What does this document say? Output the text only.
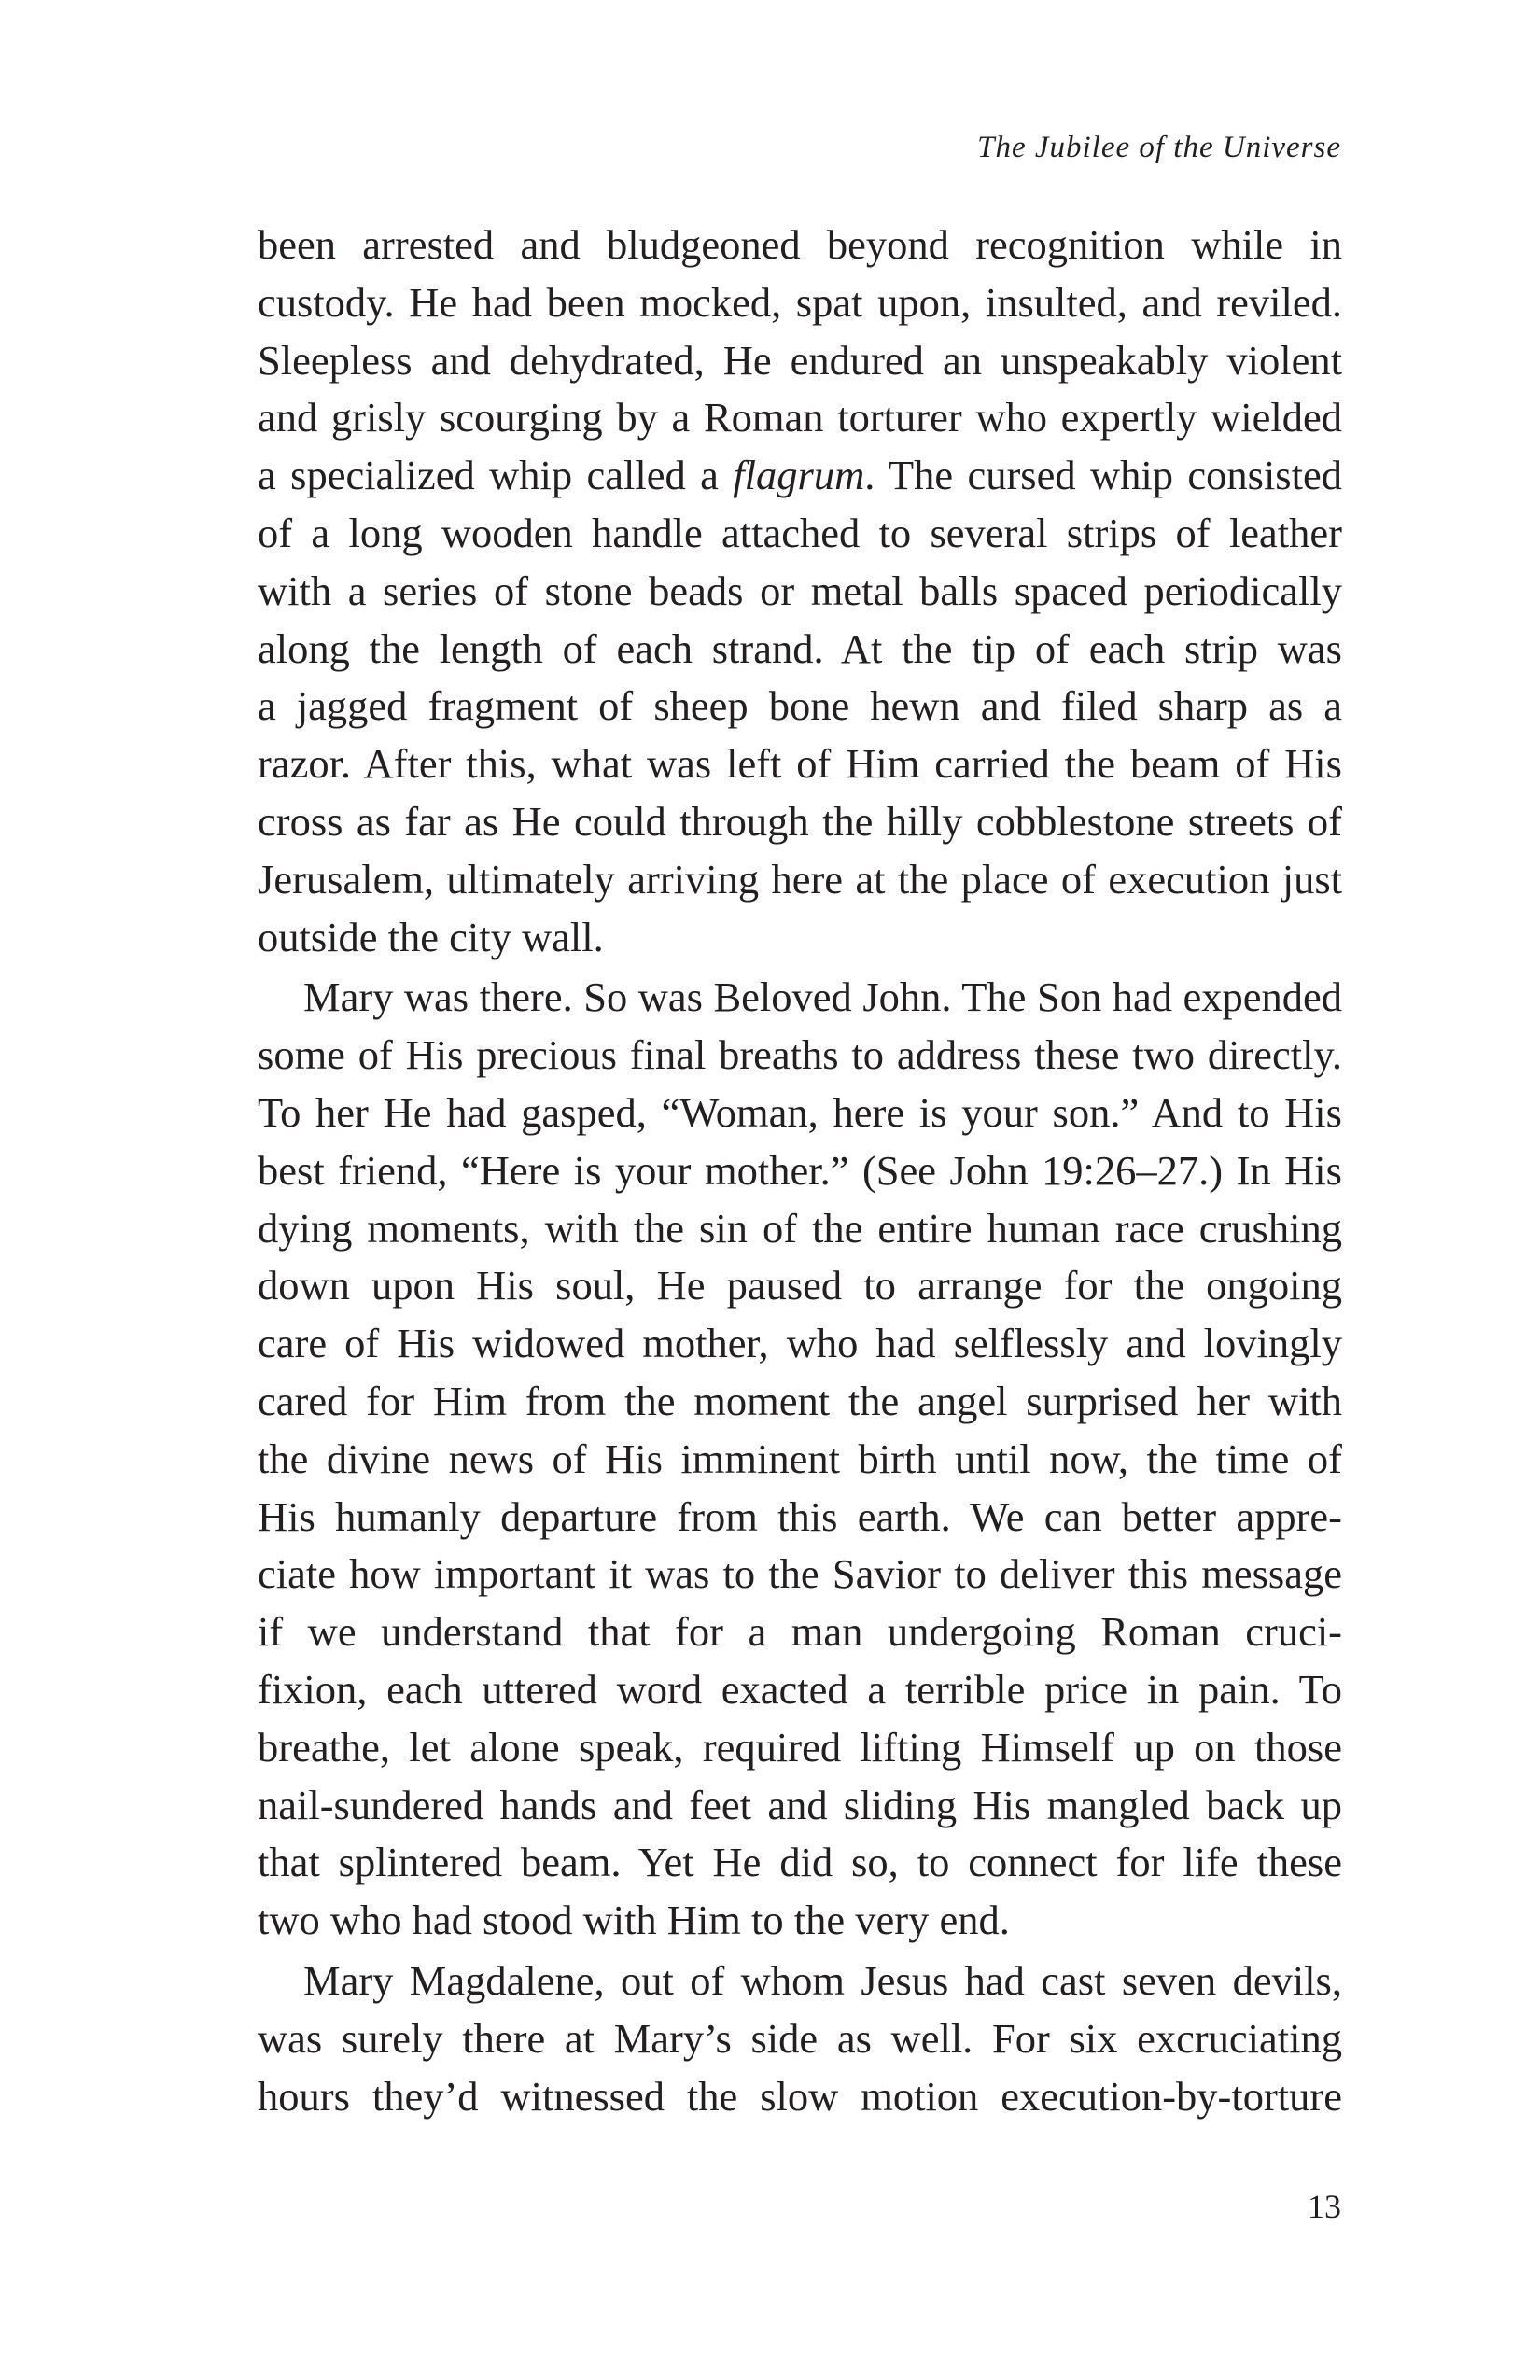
The Jubilee of the Universe
been arrested and bludgeoned beyond recognition while in
custody. He had been mocked, spat upon, insulted, and reviled.
Sleepless and dehydrated, He endured an unspeakably violent
and grisly scourging by a Roman torturer who expertly wielded
a specialized whip called a flagrum. The cursed whip consisted
of a long wooden handle attached to several strips of leather
with a series of stone beads or metal balls spaced periodically
along the length of each strand. At the tip of each strip was
a jagged fragment of sheep bone hewn and filed sharp as a
razor. After this, what was left of Him carried the beam of His
cross as far as He could through the hilly cobblestone streets of
Jerusalem, ultimately arriving here at the place of execution just
outside the city wall.
Mary was there. So was Beloved John. The Son had expended
some of His precious final breaths to address these two directly.
To her He had gasped, “Woman, here is your son.” And to His
best friend, “Here is your mother.” (See John 19:26–27.) In His
dying moments, with the sin of the entire human race crushing
down upon His soul, He paused to arrange for the ongoing
care of His widowed mother, who had selflessly and lovingly
cared for Him from the moment the angel surprised her with
the divine news of His imminent birth until now, the time of
His humanly departure from this earth. We can better appre-
ciate how important it was to the Savior to deliver this message
if we understand that for a man undergoing Roman cruci-
fixion, each uttered word exacted a terrible price in pain. To
breathe, let alone speak, required lifting Himself up on those
nail-sundered hands and feet and sliding His mangled back up
that splintered beam. Yet He did so, to connect for life these
two who had stood with Him to the very end.
Mary Magdalene, out of whom Jesus had cast seven devils,
was surely there at Mary’s side as well. For six excruciating
hours they’d witnessed the slow motion execution-by-torture
13
